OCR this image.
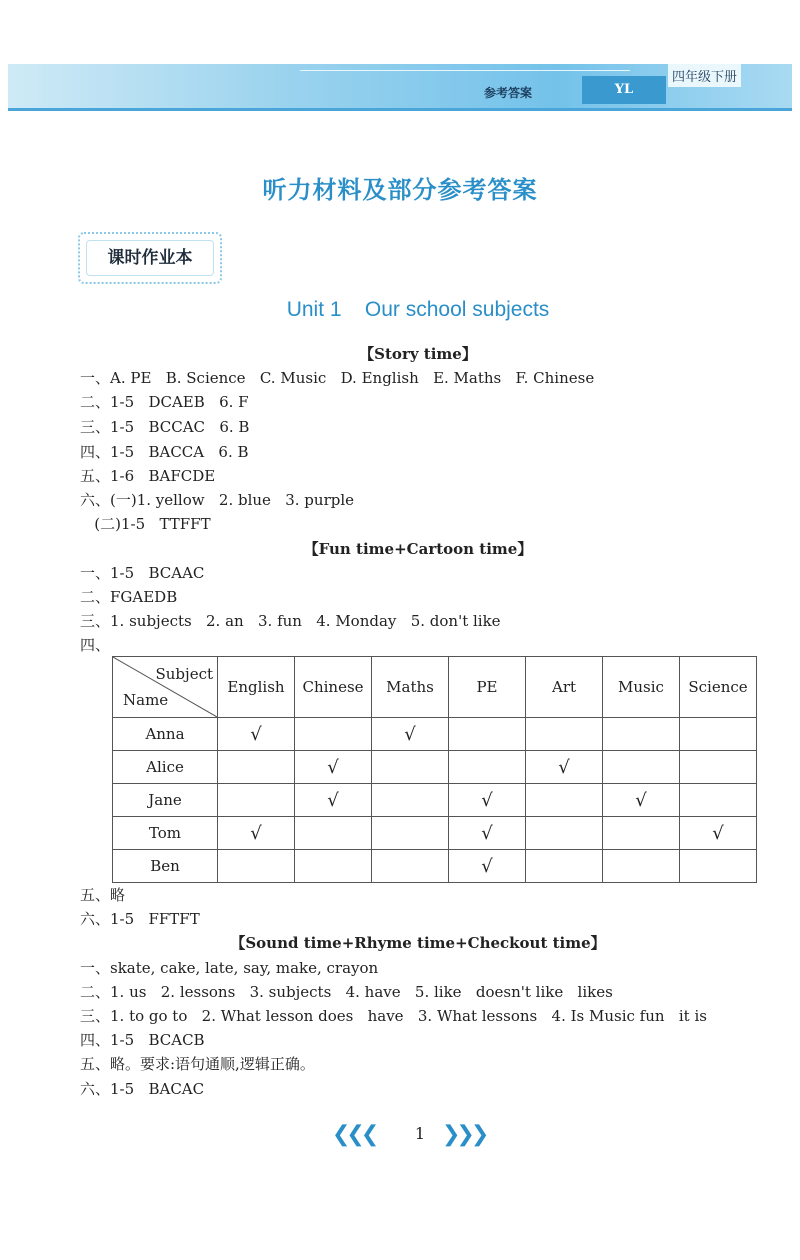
参考答案	YL
四年级下册
听力材料及部分参考答案
课时作业本
Unit 1    Our school subjects
【Story time】
一、A. PE   B. Science   C. Music   D. English   E. Maths   F. Chinese
二、1-5   DCAEB   6. F
三、1-5   BCCAC   6. B
四、1-5   BACCA   6. B
五、1-6   BAFCDE
六、(一)1. yellow   2. blue   3. purple
(二)1-5   TTFFT
【Fun time+Cartoon time】
一、1-5   BCAAC
二、FGAEDB
三、1. subjects   2. an   3. fun   4. Monday   5. don't like
四、
Subject
Name	English	Chinese	Maths	PE	Art	Music	Science
Anna	√		√				
Alice		√			√		
Jane		√		√		√	
Tom	√			√			√
Ben				√			
五、略
六、1-5   FFTFT
【Sound time+Rhyme time+Checkout time】
一、skate, cake, late, say, make, crayon
二、1. us   2. lessons   3. subjects   4. have   5. like   doesn't like   likes
三、1. to go to   2. What lesson does   have   3. What lessons   4. Is Music fun   it is
四、1-5   BCACB
五、略。要求:语句通顺,逻辑正确。
六、1-5   BACAC
❮❮❮	1 ❯❯❯
